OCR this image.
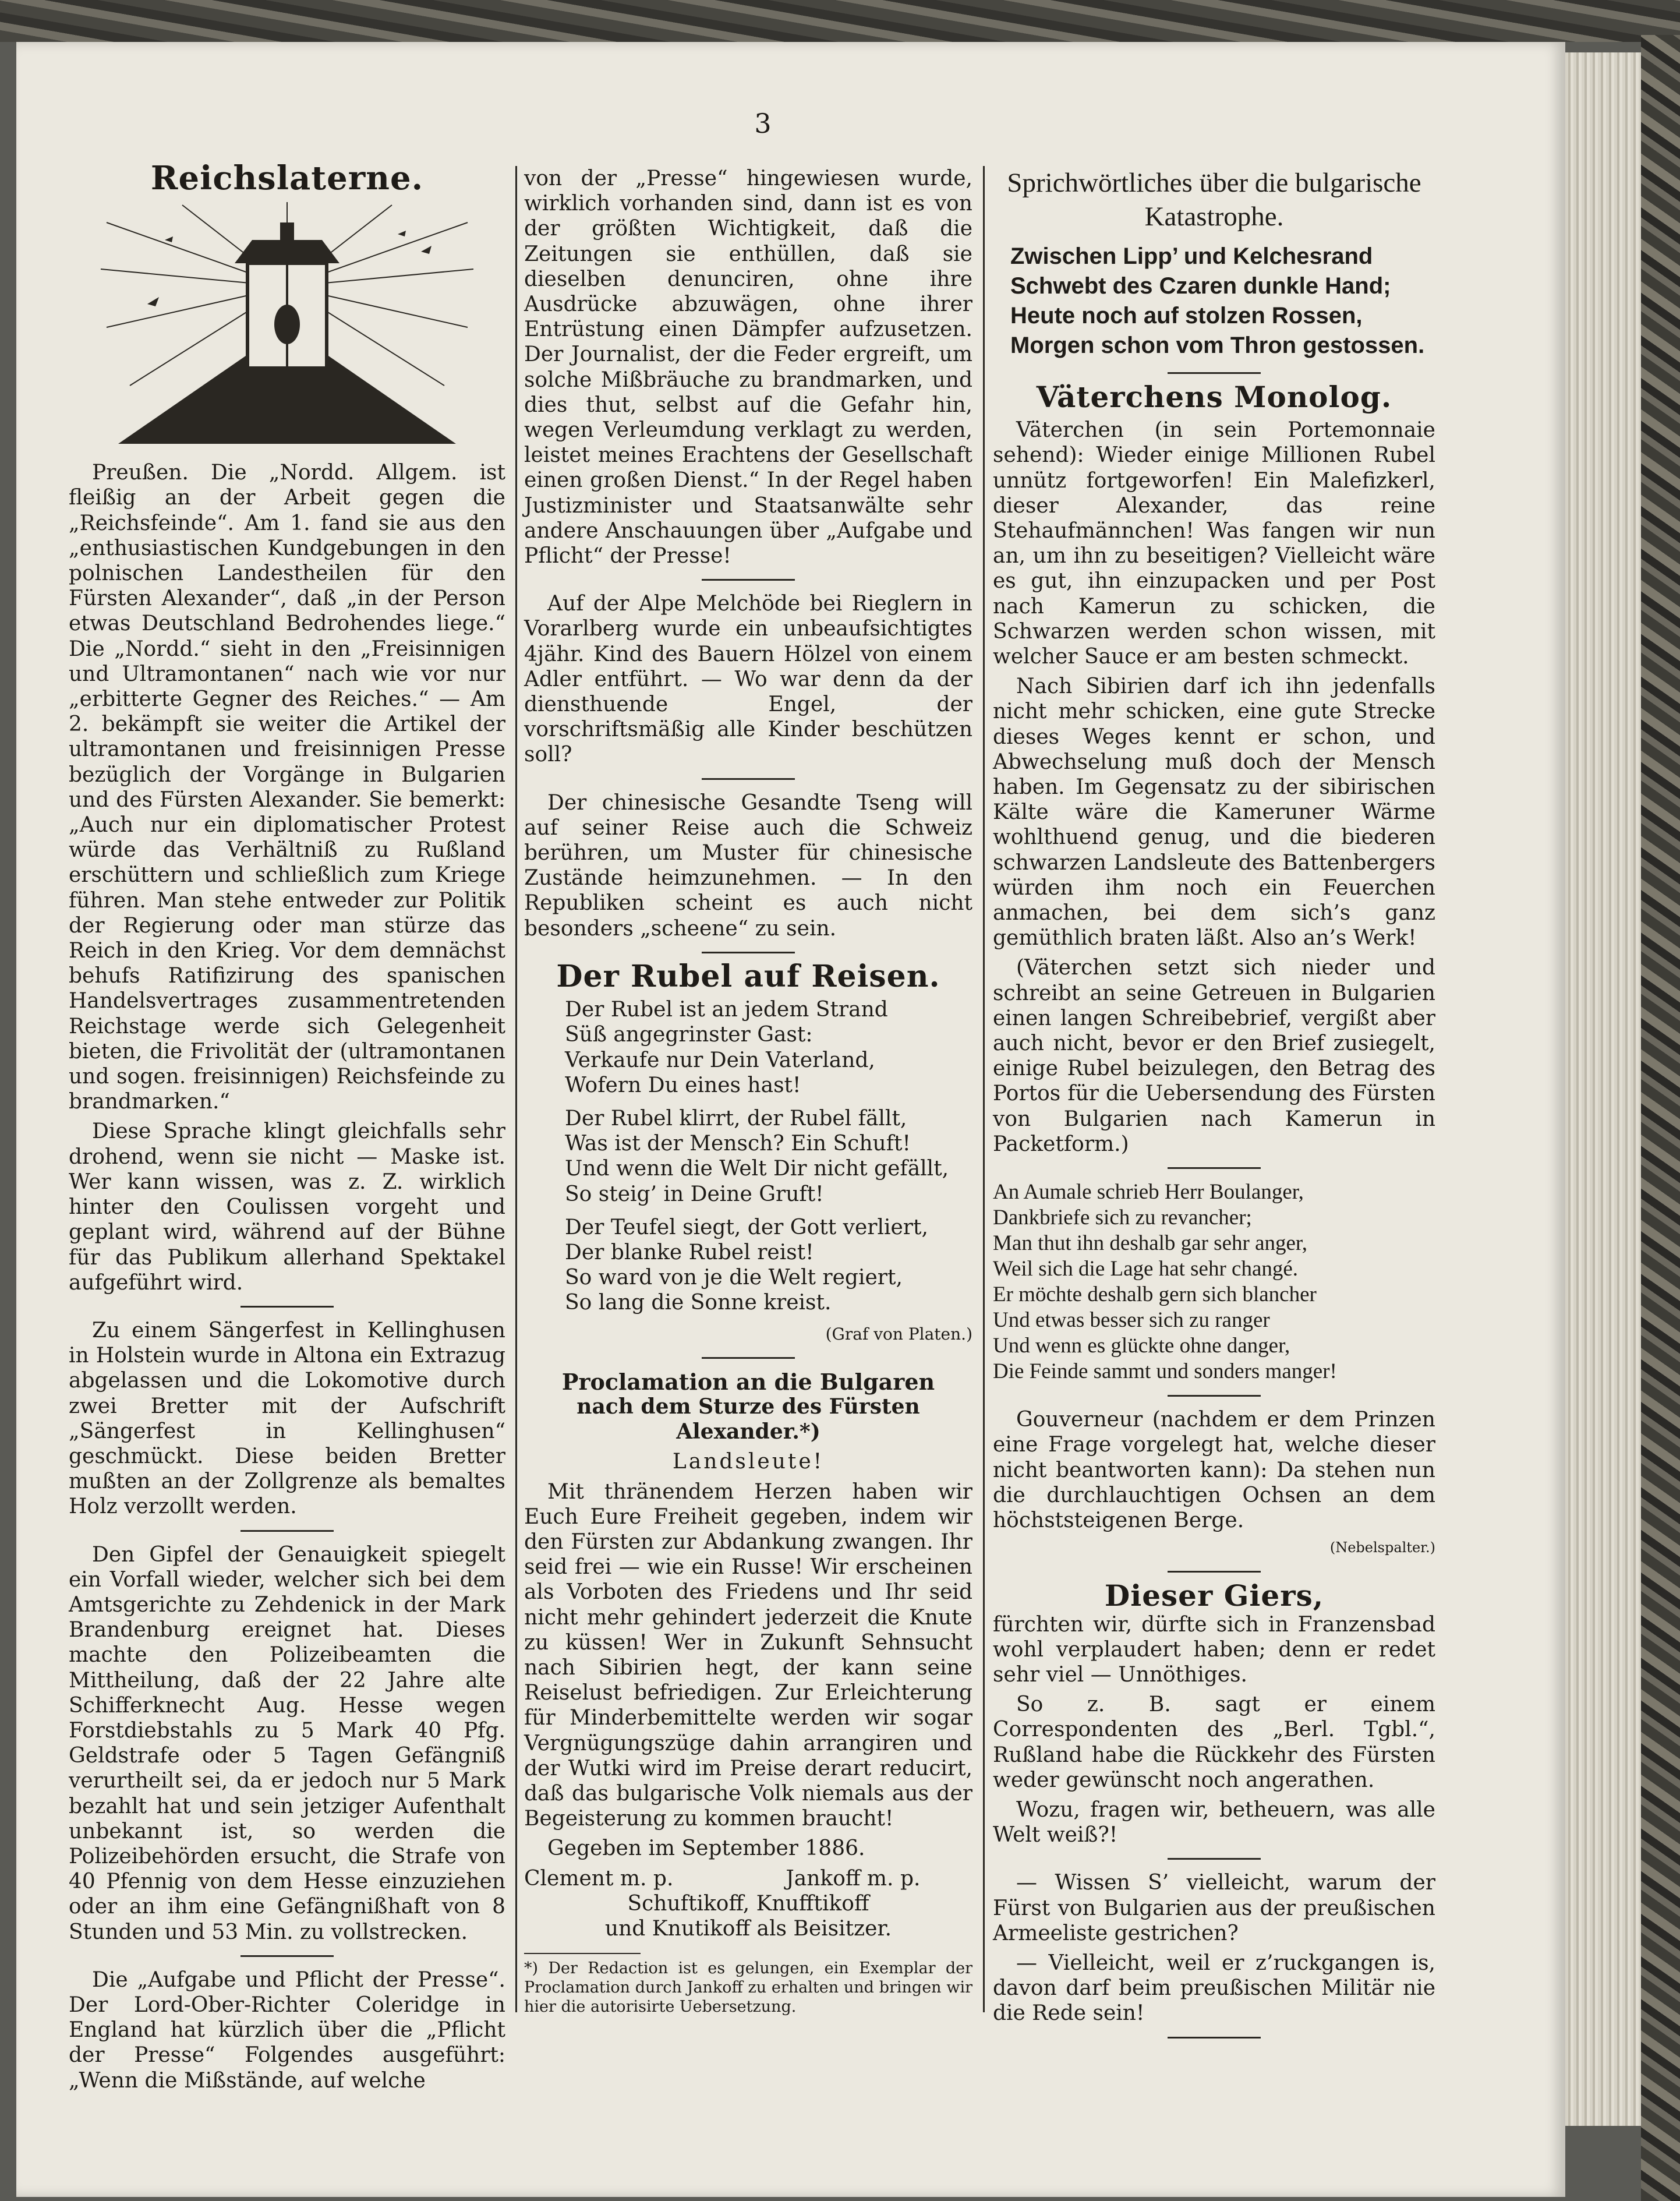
3
Reichslaterne.

Preußen. Die „Nordd. Allgem. ist fleißig an der Arbeit gegen die „Reichsfeinde“. Am 1. fand sie aus den „enthusiastischen Kundgebungen in den polnischen Landestheilen für den Fürsten Alexander“, daß „in der Person etwas Deutschland Bedrohendes liege.“ Die „Nordd.“ sieht in den „Freisinnigen und Ultramontanen“ nach wie vor nur „erbitterte Gegner des Reiches.“ — Am 2. bekämpft sie weiter die Artikel der ultramontanen und freisinnigen Presse bezüglich der Vorgänge in Bulgarien und des Fürsten Alexander. Sie bemerkt: „Auch nur ein diplomatischer Protest würde das Verhältniß zu Rußland erschüttern und schließlich zum Kriege führen. Man stehe entweder zur Politik der Regierung oder man stürze das Reich in den Krieg. Vor dem demnächst behufs Ratifizirung des spanischen Handelsvertrages zusammentretenden Reichstage werde sich Gelegenheit bieten, die Frivolität der (ultramontanen und sogen. freisinnigen) Reichsfeinde zu brandmarken.“

Diese Sprache klingt gleichfalls sehr drohend, wenn sie nicht — Maske ist. Wer kann wissen, was z. Z. wirklich hinter den Coulissen vorgeht und geplant wird, während auf der Bühne für das Publikum allerhand Spektakel aufgeführt wird.

Zu einem Sängerfest in Kellinghusen in Holstein wurde in Altona ein Extrazug abgelassen und die Lokomotive durch zwei Bretter mit der Aufschrift „Sängerfest in Kellinghusen“ geschmückt. Diese beiden Bretter mußten an der Zollgrenze als bemaltes Holz verzollt werden.

Den Gipfel der Genauigkeit spiegelt ein Vorfall wieder, welcher sich bei dem Amtsgerichte zu Zehdenick in der Mark Brandenburg ereignet hat. Dieses machte den Polizeibeamten die Mittheilung, daß der 22 Jahre alte Schifferknecht Aug. Hesse wegen Forstdiebstahls zu 5 Mark 40 Pfg. Geldstrafe oder 5 Tagen Gefängniß verurtheilt sei, da er jedoch nur 5 Mark bezahlt hat und sein jetziger Aufenthalt unbekannt ist, so werden die Polizeibehörden ersucht, die Strafe von 40 Pfennig von dem Hesse einzuziehen oder an ihm eine Gefängnißhaft von 8 Stunden und 53 Min. zu vollstrecken.

Die „Aufgabe und Pflicht der Presse“. Der Lord-Ober-Richter Coleridge in England hat kürzlich über die „Pflicht der Presse“ Folgendes ausgeführt: „Wenn die Mißstände, auf welche

von der „Presse“ hingewiesen wurde, wirklich vorhanden sind, dann ist es von der größten Wichtigkeit, daß die Zeitungen sie enthüllen, daß sie dieselben denunciren, ohne ihre Ausdrücke abzuwägen, ohne ihrer Entrüstung einen Dämpfer aufzusetzen. Der Journalist, der die Feder ergreift, um solche Mißbräuche zu brandmarken, und dies thut, selbst auf die Gefahr hin, wegen Verleumdung verklagt zu werden, leistet meines Erachtens der Gesellschaft einen großen Dienst.“ In der Regel haben Justizminister und Staatsanwälte sehr andere Anschauungen über „Aufgabe und Pflicht“ der Presse!

Auf der Alpe Melchöde bei Rieglern in Vorarlberg wurde ein unbeaufsichtigtes 4jähr. Kind des Bauern Hölzel von einem Adler entführt. — Wo war denn da der diensthuende Engel, der vorschriftsmäßig alle Kinder beschützen soll?

Der chinesische Gesandte Tseng will auf seiner Reise auch die Schweiz berühren, um Muster für chinesische Zustände heimzunehmen. — In den Republiken scheint es auch nicht besonders „scheene“ zu sein.

Der Rubel auf Reisen.
Der Rubel ist an jedem Strand
Süß angegrinster Gast:
Verkaufe nur Dein Vaterland,
Wofern Du eines hast!
Der Rubel klirrt, der Rubel fällt,
Was ist der Mensch? Ein Schuft!
Und wenn die Welt Dir nicht gefällt,
So steig’ in Deine Gruft!
Der Teufel siegt, der Gott verliert,
Der blanke Rubel reist!
So ward von je die Welt regiert,
So lang die Sonne kreist.
(Graf von Platen.)

Proclamation an die Bulgaren

nach dem Sturze des Fürsten Alexander.*)

Landsleute!

Mit thränendem Herzen haben wir Euch Eure Freiheit gegeben, indem wir den Fürsten zur Abdankung zwangen. Ihr seid frei — wie ein Russe! Wir erscheinen als Vorboten des Friedens und Ihr seid nicht mehr gehindert jederzeit die Knute zu küssen! Wer in Zukunft Sehnsucht nach Sibirien hegt, der kann seine Reiselust befriedigen. Zur Erleichterung für Minderbemittelte werden wir sogar Vergnügungszüge dahin arrangiren und der Wutki wird im Preise derart reducirt, daß das bulgarische Volk niemals aus der Begeisterung zu kommen braucht!

Gegeben im September 1886.

Clement m. p.	Jankoff m. p.
Schuftikoff, Knufftikoff
und Knutikoff als Beisitzer.
*) Der Redaction ist es gelungen, ein Exemplar der Proclamation durch Jankoff zu erhalten und bringen wir hier die autorisirte Uebersetzung.
Sprichwörtliches über die bulgarische Katastrophe.
Zwischen Lipp’ und Kelchesrand
Schwebt des Czaren dunkle Hand;
Heute noch auf stolzen Rossen,
Morgen schon vom Thron gestossen.
Väterchens Monolog.

Väterchen (in sein Portemonnaie sehend): Wieder einige Millionen Rubel unnütz fortgeworfen! Ein Malefizkerl, dieser Alexander, das reine Stehaufmännchen! Was fangen wir nun an, um ihn zu beseitigen? Vielleicht wäre es gut, ihn einzupacken und per Post nach Kamerun zu schicken, die Schwarzen werden schon wissen, mit welcher Sauce er am besten schmeckt.

Nach Sibirien darf ich ihn jedenfalls nicht mehr schicken, eine gute Strecke dieses Weges kennt er schon, und Abwechselung muß doch der Mensch haben. Im Gegensatz zu der sibirischen Kälte wäre die Kameruner Wärme wohlthuend genug, und die biederen schwarzen Landsleute des Battenbergers würden ihm noch ein Feuerchen anmachen, bei dem sich’s ganz gemüthlich braten läßt. Also an’s Werk!

(Väterchen setzt sich nieder und schreibt an seine Getreuen in Bulgarien einen langen Schreibebrief, vergißt aber auch nicht, bevor er den Brief zusiegelt, einige Rubel beizulegen, den Betrag des Portos für die Uebersendung des Fürsten von Bulgarien nach Kamerun in Packetform.)

An Aumale schrieb Herr Boulanger,
Dankbriefe sich zu revancher;
Man thut ihn deshalb gar sehr anger,
Weil sich die Lage hat sehr changé.
Er möchte deshalb gern sich blancher
Und etwas besser sich zu ranger
Und wenn es glückte ohne danger,
Die Feinde sammt und sonders manger!

Gouverneur (nachdem er dem Prinzen eine Frage vorgelegt hat, welche dieser nicht beantworten kann): Da stehen nun die durchlauchtigen Ochsen an dem höchststeigenen Berge.

(Nebelspalter.)
Dieser Giers,

fürchten wir, dürfte sich in Franzensbad wohl verplaudert haben; denn er redet sehr viel — Unnöthiges.

So z. B. sagt er einem Correspondenten des „Berl. Tgbl.“, Rußland habe die Rückkehr des Fürsten weder gewünscht noch angerathen.

Wozu, fragen wir, betheuern, was alle Welt weiß?!

— Wissen S’ vielleicht, warum der Fürst von Bulgarien aus der preußischen Armeeliste gestrichen?

— Vielleicht, weil er z’ruckgangen is, davon darf beim preußischen Militär nie die Rede sein!
